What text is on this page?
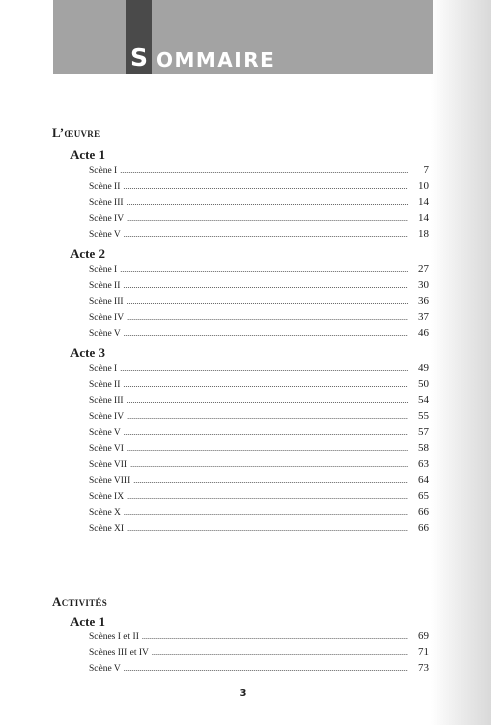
S OMMAIRE
L’œuvre
Acte 1
Scène I .....	7
Scène II .....	10
Scène III .....	14
Scène IV .....	14
Scène V .....	18
Acte 2
Scène I .....	27
Scène II .....	30
Scène III .....	36
Scène IV .....	37
Scène V .....	46
Acte 3
Scène I .....	49
Scène II .....	50
Scène III .....	54
Scène IV .....	55
Scène V .....	57
Scène VI .....	58
Scène VII .....	63
Scène VIII .....	64
Scène IX .....	65
Scène X .....	66
Scène XI .....	66
Activités
Acte 1
Scènes I et II .....	69
Scènes III et IV .....	71
Scène V .....	73
3
